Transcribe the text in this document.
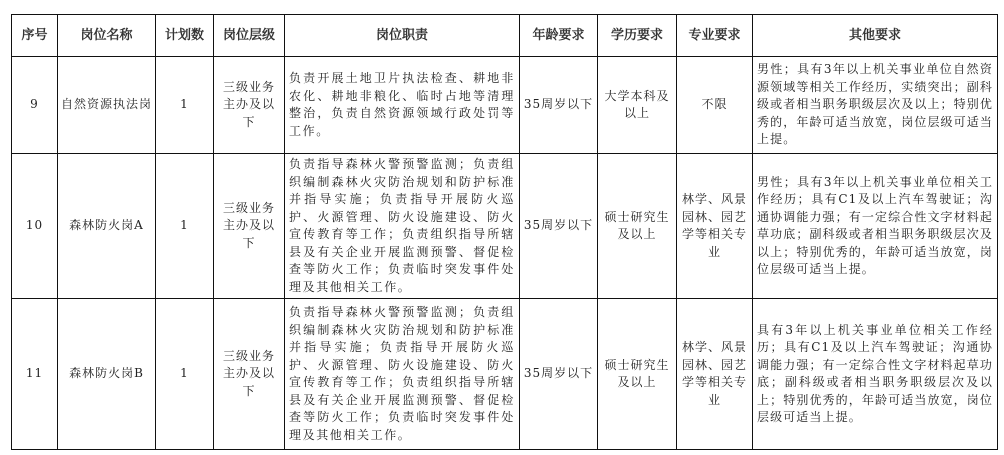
序号	岗位名称	计划数	岗位层级	岗位职责	年龄要求	学历要求	专业要求	其他要求
9	自然资源执法岗	1	三级业务主办及以下	负责开展土地卫片执法检查、耕地非农化、耕地非粮化、临时占地等清理整治，负责自然资源领域行政处罚等工作。	35周岁以下	大学本科及以上	不限	男性；具有3年以上机关事业单位自然资源领域等相关工作经历，实绩突出；副科级或者相当职务职级层次及以上；特别优秀的，年龄可适当放宽，岗位层级可适当上提。
10	森林防火岗A	1	三级业务主办及以下	负责指导森林火警预警监测；负责组织编制森林火灾防治规划和防护标准并指导实施；负责指导开展防火巡护、火源管理、防火设施建设、防火宣传教育等工作；负责组织指导所辖县及有关企业开展监测预警、督促检查等防火工作；负责临时突发事件处理及其他相关工作。	35周岁以下	硕士研究生及以上	林学、风景园林、园艺学等相关专业	男性；具有3年以上机关事业单位相关工作经历；具有C1及以上汽车驾驶证；沟通协调能力强；有一定综合性文字材料起草功底；副科级或者相当职务职级层次及以上；特别优秀的，年龄可适当放宽，岗位层级可适当上提。
11	森林防火岗B	1	三级业务主办及以下	负责指导森林火警预警监测；负责组织编制森林火灾防治规划和防护标准并指导实施；负责指导开展防火巡护、火源管理、防火设施建设、防火宣传教育等工作；负责组织指导所辖县及有关企业开展监测预警、督促检查等防火工作；负责临时突发事件处理及其他相关工作。	35周岁以下	硕士研究生及以上	林学、风景园林、园艺学等相关专业	具有3年以上机关事业单位相关工作经历；具有C1及以上汽车驾驶证；沟通协调能力强；有一定综合性文字材料起草功底；副科级或者相当职务职级层次及以上；特别优秀的，年龄可适当放宽，岗位层级可适当上提。
